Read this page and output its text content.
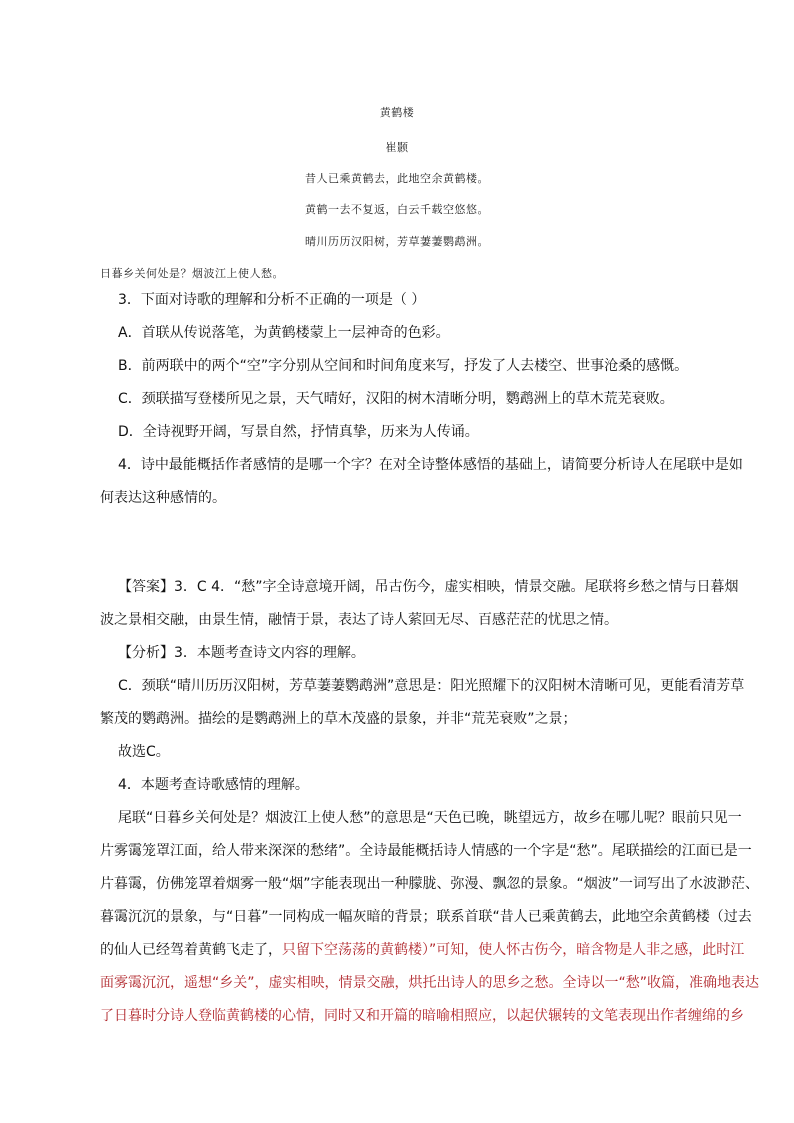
黄鹤楼
崔颢
昔人已乘黄鹤去，此地空余黄鹤楼。
黄鹤一去不复返，白云千载空悠悠。
晴川历历汉阳树，芳草萋萋鹦鹉洲。
日暮乡关何处是？烟波江上使人愁。
3．下面对诗歌的理解和分析不正确的一项是（ ）
A．首联从传说落笔，为黄鹤楼蒙上一层神奇的色彩。
B．前两联中的两个“空”字分别从空间和时间角度来写，抒发了人去楼空、世事沧桑的感慨。
C．颈联描写登楼所见之景，天气晴好，汉阳的树木清晰分明，鹦鹉洲上的草木荒芜衰败。
D．全诗视野开阔，写景自然，抒情真挚，历来为人传诵。
4．诗中最能概括作者感情的是哪一个字？在对全诗整体感悟的基础上，请简要分析诗人在尾联中是如
何表达这种感情的。
【答案】3．C 4．“愁”字全诗意境开阔，吊古伤今，虚实相映，情景交融。尾联将乡愁之情与日暮烟
波之景相交融，由景生情，融情于景，表达了诗人萦回无尽、百感茫茫的忧思之情。
【分析】3．本题考查诗文内容的理解。
C．颈联“晴川历历汉阳树，芳草萋萋鹦鹉洲”意思是：阳光照耀下的汉阳树木清晰可见，更能看清芳草
繁茂的鹦鹉洲。描绘的是鹦鹉洲上的草木茂盛的景象，并非“荒芜衰败”之景；
故选C。
4．本题考查诗歌感情的理解。
尾联“日暮乡关何处是？烟波江上使人愁”的意思是“天色已晚，眺望远方，故乡在哪儿呢？眼前只见一
片雾霭笼罩江面，给人带来深深的愁绪”。全诗最能概括诗人情感的一个字是“愁”。尾联描绘的江面已是一
片暮霭，仿佛笼罩着烟雾一般“烟”字能表现出一种朦胧、弥漫、飘忽的景象。“烟波”一词写出了水波渺茫、
暮霭沉沉的景象，与“日暮”一同构成一幅灰暗的背景；联系首联“昔人已乘黄鹤去，此地空余黄鹤楼（过去
的仙人已经驾着黄鹤飞走了，只留下空荡荡的黄鹤楼）”可知，使人怀古伤今，暗含物是人非之感，此时江
面雾霭沉沉，遥想“乡关”，虚实相映，情景交融，烘托出诗人的思乡之愁。全诗以一“愁”收篇，准确地表达
了日暮时分诗人登临黄鹤楼的心情，同时又和开篇的暗喻相照应，以起伏辗转的文笔表现出作者缠绵的乡
